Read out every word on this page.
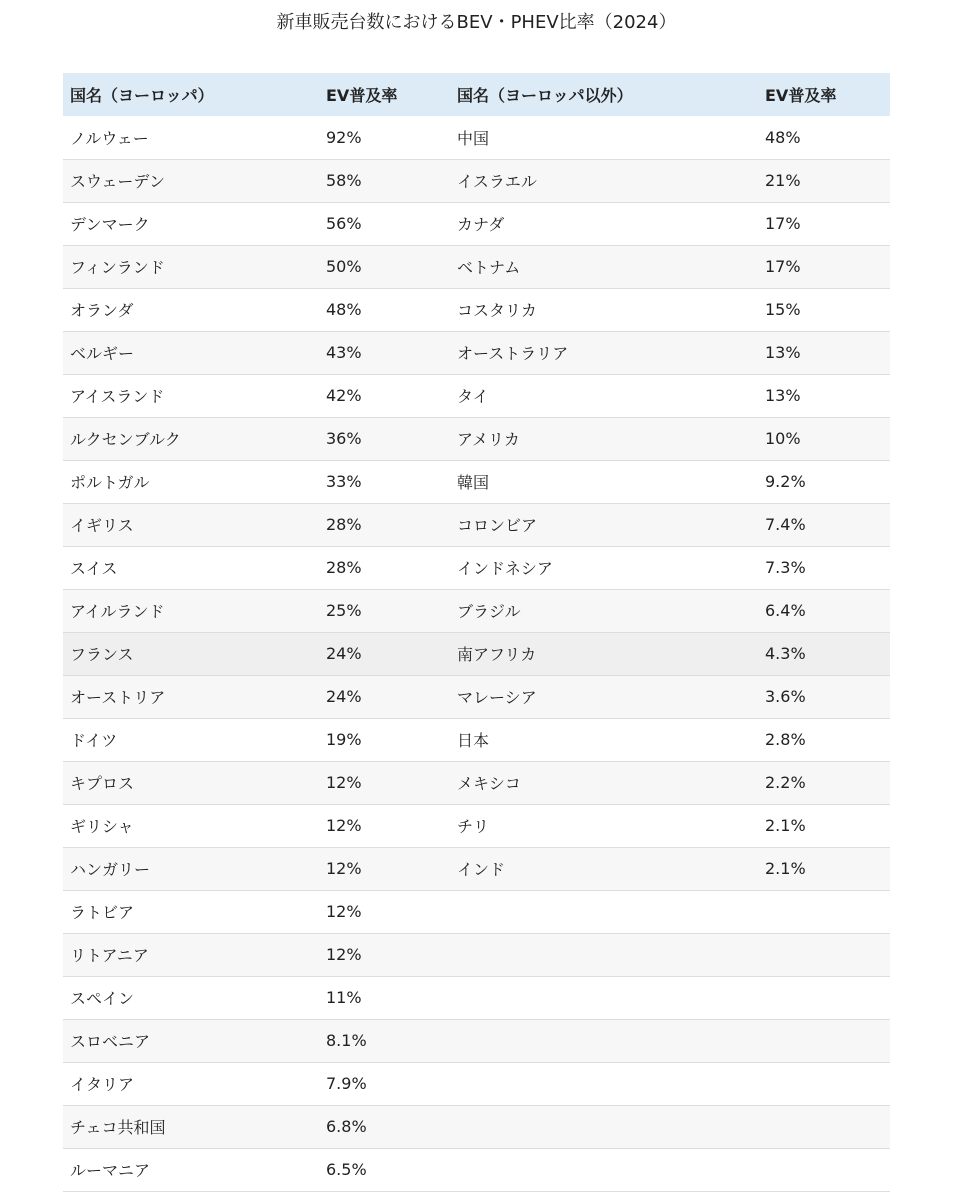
新車販売台数におけるBEV・PHEV比率（2024）
国名（ヨーロッパ）	EV普及率	国名（ヨーロッパ以外）	EV普及率
ノルウェー	92%	中国	48%
スウェーデン	58%	イスラエル	21%
デンマーク	56%	カナダ	17%
フィンランド	50%	ベトナム	17%
オランダ	48%	コスタリカ	15%
ベルギー	43%	オーストラリア	13%
アイスランド	42%	タイ	13%
ルクセンブルク	36%	アメリカ	10%
ポルトガル	33%	韓国	9.2%
イギリス	28%	コロンビア	7.4%
スイス	28%	インドネシア	7.3%
アイルランド	25%	ブラジル	6.4%
フランス	24%	南アフリカ	4.3%
オーストリア	24%	マレーシア	3.6%
ドイツ	19%	日本	2.8%
キプロス	12%	メキシコ	2.2%
ギリシャ	12%	チリ	2.1%
ハンガリー	12%	インド	2.1%
ラトビア	12%		
リトアニア	12%		
スペイン	11%		
スロベニア	8.1%		
イタリア	7.9%		
チェコ共和国	6.8%		
ルーマニア	6.5%		
